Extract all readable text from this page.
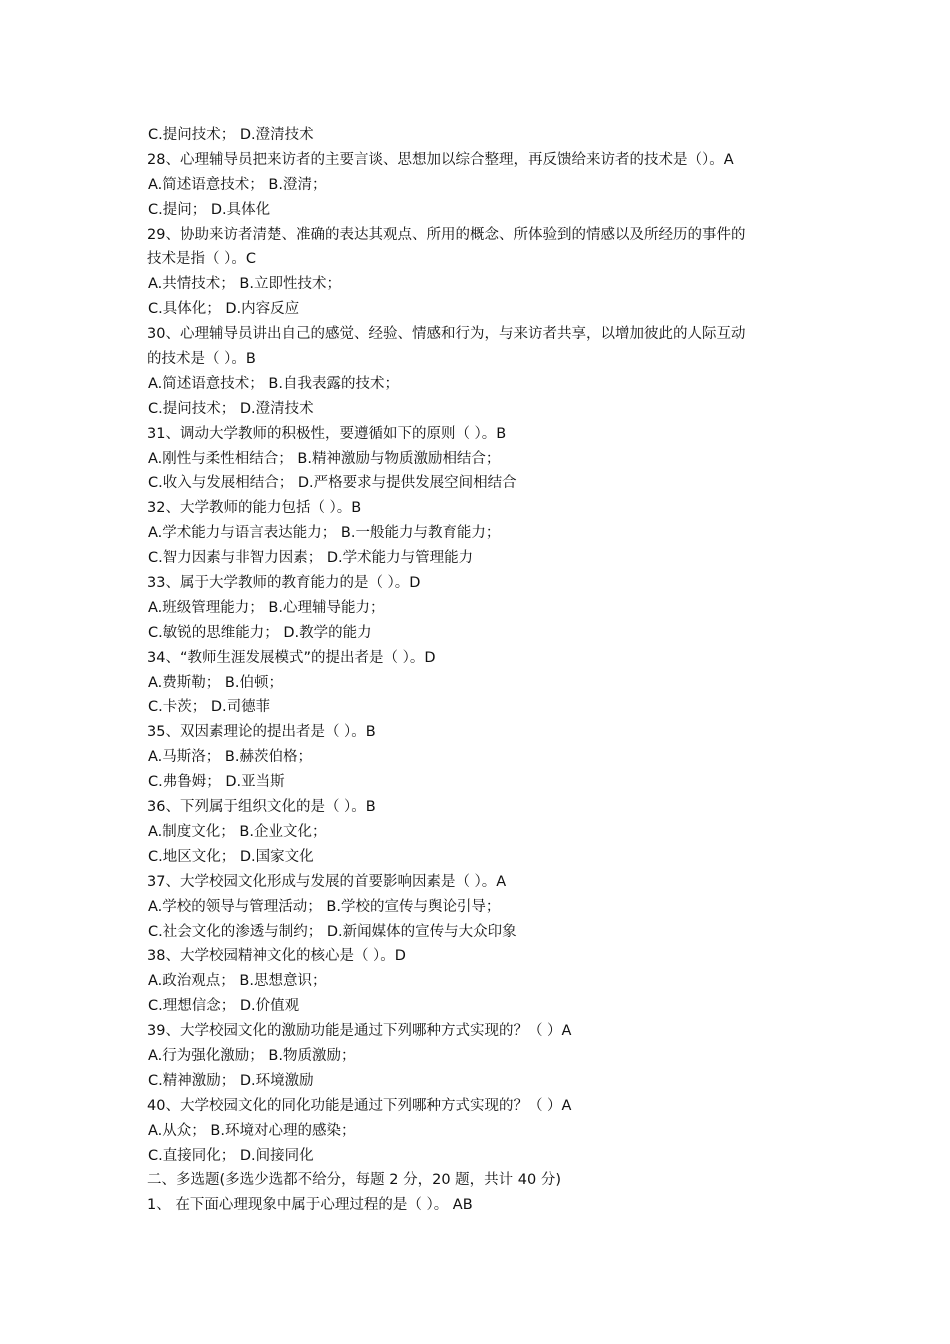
C.提问技术； D.澄清技术
28、心理辅导员把来访者的主要言谈、思想加以综合整理，再反馈给来访者的技术是（）。A
A.简述语意技术； B.澄清；
C.提问； D.具体化
29、协助来访者清楚、准确的表达其观点、所用的概念、所体验到的情感以及所经历的事件的
技术是指（ ）。C
A.共情技术； B.立即性技术；
C.具体化； D.内容反应
30、心理辅导员讲出自己的感觉、经验、情感和行为，与来访者共享，以增加彼此的人际互动
的技术是（ ）。B
A.简述语意技术； B.自我表露的技术；
C.提问技术； D.澄清技术
31、调动大学教师的积极性，要遵循如下的原则（ ）。B
A.刚性与柔性相结合； B.精神激励与物质激励相结合；
C.收入与发展相结合； D.严格要求与提供发展空间相结合
32、大学教师的能力包括（ ）。B
A.学术能力与语言表达能力； B.一般能力与教育能力；
C.智力因素与非智力因素； D.学术能力与管理能力
33、属于大学教师的教育能力的是（ ）。D
A.班级管理能力； B.心理辅导能力；
C.敏锐的思维能力； D.教学的能力
34、“教师生涯发展模式”的提出者是（ ）。D
A.费斯勒； B.伯顿；
C.卡茨； D.司德菲
35、双因素理论的提出者是（ ）。B
A.马斯洛； B.赫茨伯格；
C.弗鲁姆； D.亚当斯
36、下列属于组织文化的是（ ）。B
A.制度文化； B.企业文化；
C.地区文化； D.国家文化
37、大学校园文化形成与发展的首要影响因素是（ ）。A
A.学校的领导与管理活动； B.学校的宣传与舆论引导；
C.社会文化的渗透与制约； D.新闻媒体的宣传与大众印象
38、大学校园精神文化的核心是（ ）。D
A.政治观点； B.思想意识；
C.理想信念； D.价值观
39、大学校园文化的激励功能是通过下列哪种方式实现的？（ ）A
A.行为强化激励； B.物质激励；
C.精神激励； D.环境激励
40、大学校园文化的同化功能是通过下列哪种方式实现的？（ ）A
A.从众； B.环境对心理的感染；
C.直接同化； D.间接同化
二、多选题(多选少选都不给分，每题 2 分，20 题，共计 40 分)
1、 在下面心理现象中属于心理过程的是（ ）。 AB
